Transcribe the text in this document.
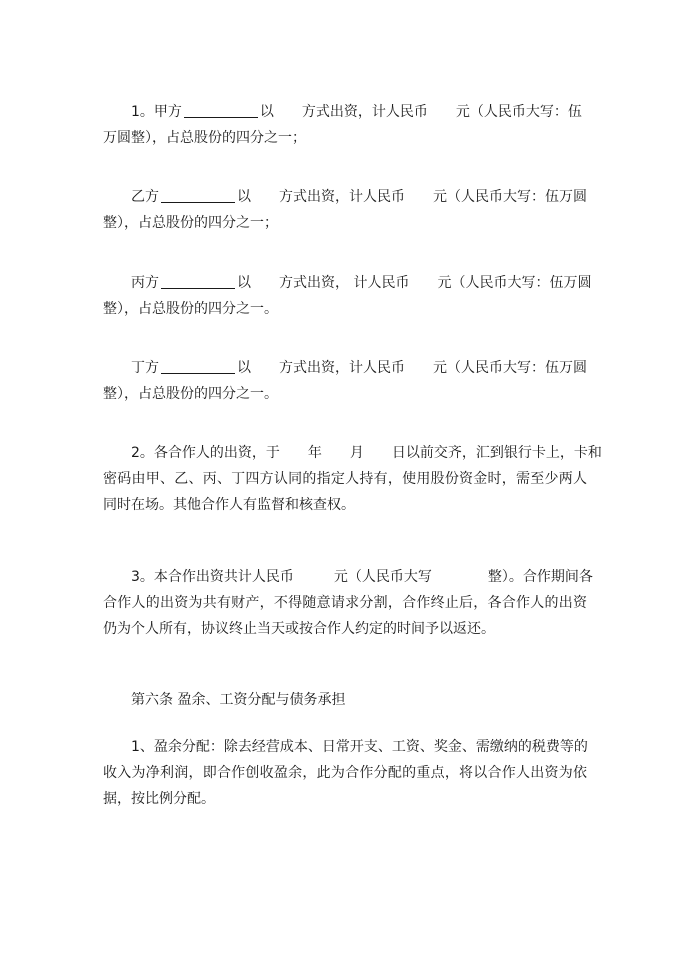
1。甲方	以 方式出资，计人民币 元（人民币大写：伍
万圆整），占总股份的四分之一；
乙方	以 方式出资，计人民币 元（人民币大写：伍万圆
整），占总股份的四分之一；
丙方	以 方式出资， 计人民币 元（人民币大写：伍万圆
整），占总股份的四分之一。
丁方	以 方式出资，计人民币 元（人民币大写：伍万圆
整），占总股份的四分之一。
2。各合作人的出资，于 年 月 日以前交齐，汇到银行卡上，卡和
密码由甲、乙、丙、丁四方认同的指定人持有，使用股份资金时，需至少两人
同时在场。其他合作人有监督和核查权。
3。本合作出资共计人民币	元（人民币大写	整）。合作期间各
合作人的出资为共有财产，不得随意请求分割，合作终止后，各合作人的出资
仍为个人所有，协议终止当天或按合作人约定的时间予以返还。
第六条 盈余、工资分配与债务承担
1、盈余分配：除去经营成本、日常开支、工资、奖金、需缴纳的税费等的
收入为净利润，即合作创收盈余，此为合作分配的重点，将以合作人出资为依
据，按比例分配。
